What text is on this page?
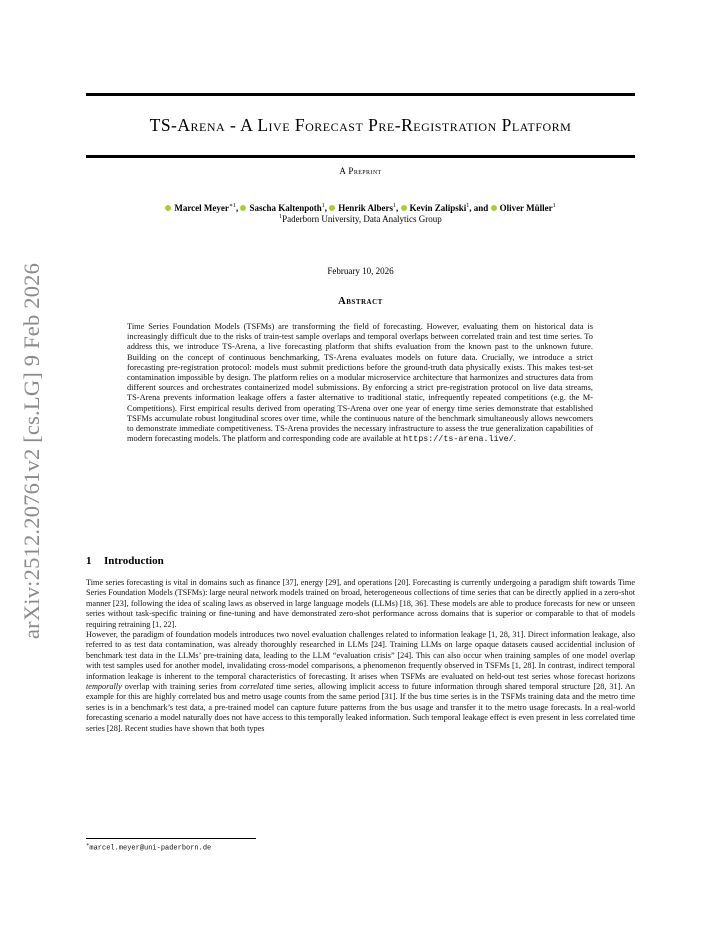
arXiv:2512.20761v2 [cs.LG] 9 Feb 2026
TS-Arena - A Live Forecast Pre-Registration Platform
A Preprint
Marcel Meyer$^{∗1}$, Sascha Kaltenpoth$^1$, Henrik Albers$^1$, Kevin Zalipski$^1$, and Oliver Müller$^1$
$^1$Paderborn University, Data Analytics Group
February 10, 2026
Abstract
Time Series Foundation Models (TSFMs) are transforming the field of forecasting. However, evaluating them on historical data is increasingly difficult due to the risks of train-test sample overlaps and temporal overlaps between correlated train and test time series. To address this, we introduce TS-Arena, a live forecasting platform that shifts evaluation from the known past to the unknown future. Building on the concept of continuous benchmarking, TS-Arena evaluates models on future data. Crucially, we introduce a strict forecasting pre-registration protocol: models must submit predictions before the ground-truth data physically exists. This makes test-set contamination impossible by design. The platform relies on a modular microservice architecture that harmonizes and structures data from different sources and orchestrates containerized model submissions. By enforcing a strict pre-registration protocol on live data streams, TS-Arena prevents information leakage offers a faster alternative to traditional static, infrequently repeated competitions (e.g. the M-Competitions). First empirical results derived from operating TS-Arena over one year of energy time series demonstrate that established TSFMs accumulate robust longitudinal scores over time, while the continuous nature of the benchmark simultaneously allows newcomers to demonstrate immediate competitiveness. TS-Arena provides the necessary infrastructure to assess the true generalization capabilities of modern forecasting models. The platform and corresponding code are available at https://ts-arena.live/.
1 Introduction

Time series forecasting is vital in domains such as finance [37], energy [29], and operations [20]. Forecasting is currently undergoing a paradigm shift towards Time Series Foundation Models (TSFMs): large neural network models trained on broad, heterogeneous collections of time series that can be directly applied in a zero-shot manner [23], following the idea of scaling laws as observed in large language models (LLMs) [18, 36]. These models are able to produce forecasts for new or unseen series without task-specific training or fine-tuning and have demonstrated zero-shot performance across domains that is superior or comparable to that of models requiring retraining [1, 22].

However, the paradigm of foundation models introduces two novel evaluation challenges related to information leakage [1, 28, 31]. Direct information leakage, also referred to as test data contamination, was already thoroughly researched in LLMs [24]. Training LLMs on large opaque datasets caused accidential inclusion of benchmark test data in the LLMs’ pre-training data, leading to the LLM “evaluation crisis” [24]. This can also occur when training samples of one model overlap with test samples used for another model, invalidating cross-model comparisons, a phenomenon frequently observed in TSFMs [1, 28]. In contrast, indirect temporal information leakage is inherent to the temporal characteristics of forecasting. It arises when TSFMs are evaluated on held-out test series whose forecast horizons temporally overlap with training series from correlated time series, allowing implicit access to future information through shared temporal structure [28, 31]. An example for this are highly correlated bus and metro usage counts from the same period [31]. If the bus time series is in the TSFMs training data and the metro time series is in a benchmark’s test data, a pre-trained model can capture future patterns from the bus usage and transfer it to the metro usage forecasts. In a real-world forecasting scenario a model naturally does not have access to this temporally leaked information. Such temporal leakage effect is even present in less correlated time series [28]. Recent studies have shown that both types

∗marcel.meyer@uni-paderborn.de
